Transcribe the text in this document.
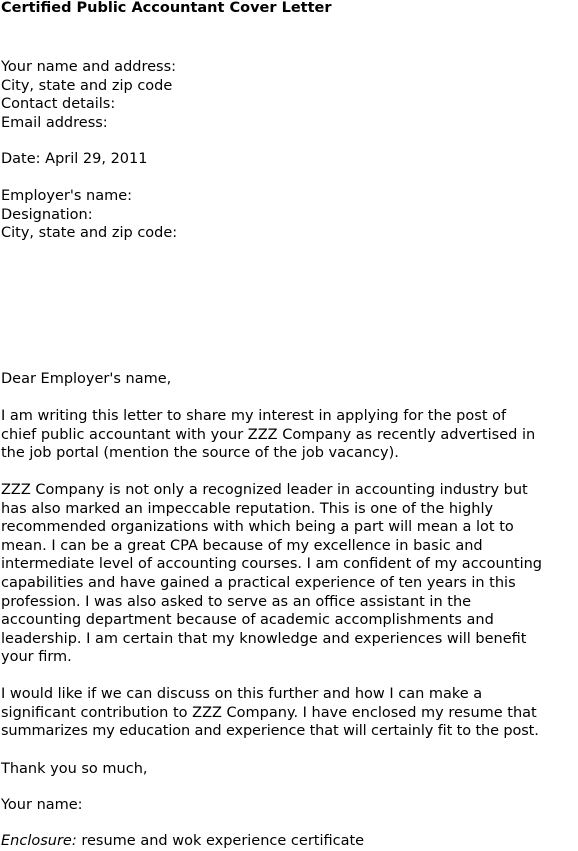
Certified Public Accountant Cover Letter
Your name and address:
City, state and zip code
Contact details:
Email address:
Date: April 29, 2011
Employer's name:
Designation:
City, state and zip code:
Dear Employer's name,
I am writing this letter to share my interest in applying for the post of
chief public accountant with your ZZZ Company as recently advertised in
the job portal (mention the source of the job vacancy).
ZZZ Company is not only a recognized leader in accounting industry but
has also marked an impeccable reputation. This is one of the highly
recommended organizations with which being a part will mean a lot to
mean. I can be a great CPA because of my excellence in basic and
intermediate level of accounting courses. I am confident of my accounting
capabilities and have gained a practical experience of ten years in this
profession. I was also asked to serve as an office assistant in the
accounting department because of academic accomplishments and
leadership. I am certain that my knowledge and experiences will benefit
your firm.
I would like if we can discuss on this further and how I can make a
significant contribution to ZZZ Company. I have enclosed my resume that
summarizes my education and experience that will certainly fit to the post.
Thank you so much,
Your name:
Enclosure: resume and wok experience certificate
